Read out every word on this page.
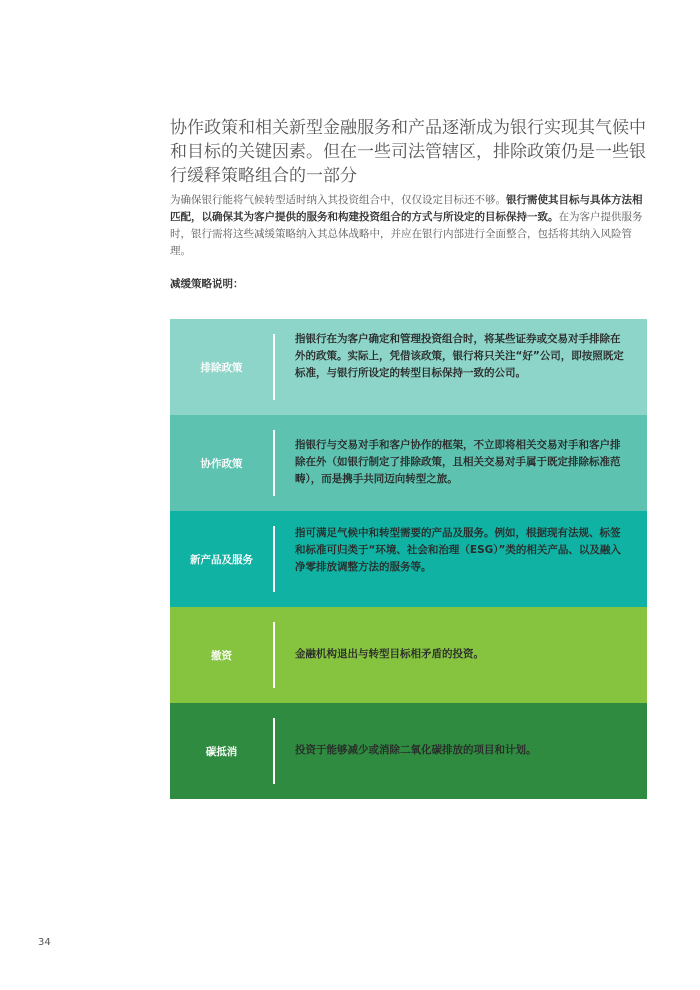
协作政策和相关新型金融服务和产品逐渐成为银行实现其气候中和目标的关键因素。但在一些司法管辖区，排除政策仍是一些银行缓释策略组合的一部分

为确保银行能将气候转型适时纳入其投资组合中，仅仅设定目标还不够。银行需使其目标与具体方法相匹配，以确保其为客户提供的服务和构建投资组合的方式与所设定的目标保持一致。在为客户提供服务时，银行需将这些减缓策略纳入其总体战略中，并应在银行内部进行全面整合，包括将其纳入风险管理。

减缓策略说明：

排除政策
指银行在为客户确定和管理投资组合时，将某些证券或交易对手排除在外的政策。实际上，凭借该政策，银行将只关注“好”公司，即按照既定标准，与银行所设定的转型目标保持一致的公司。
协作政策
指银行与交易对手和客户协作的框架，不立即将相关交易对手和客户排除在外（如银行制定了排除政策，且相关交易对手属于既定排除标准范畴），而是携手共同迈向转型之旅。
新产品及服务
指可满足气候中和转型需要的产品及服务。例如，根据现有法规、标签和标准可归类于“环境、社会和治理（ESG）”类的相关产品、以及融入净零排放调整方法的服务等。
撤资	金融机构退出与转型目标相矛盾的投资。
碳抵消	投资于能够减少或消除二氧化碳排放的项目和计划。
34
